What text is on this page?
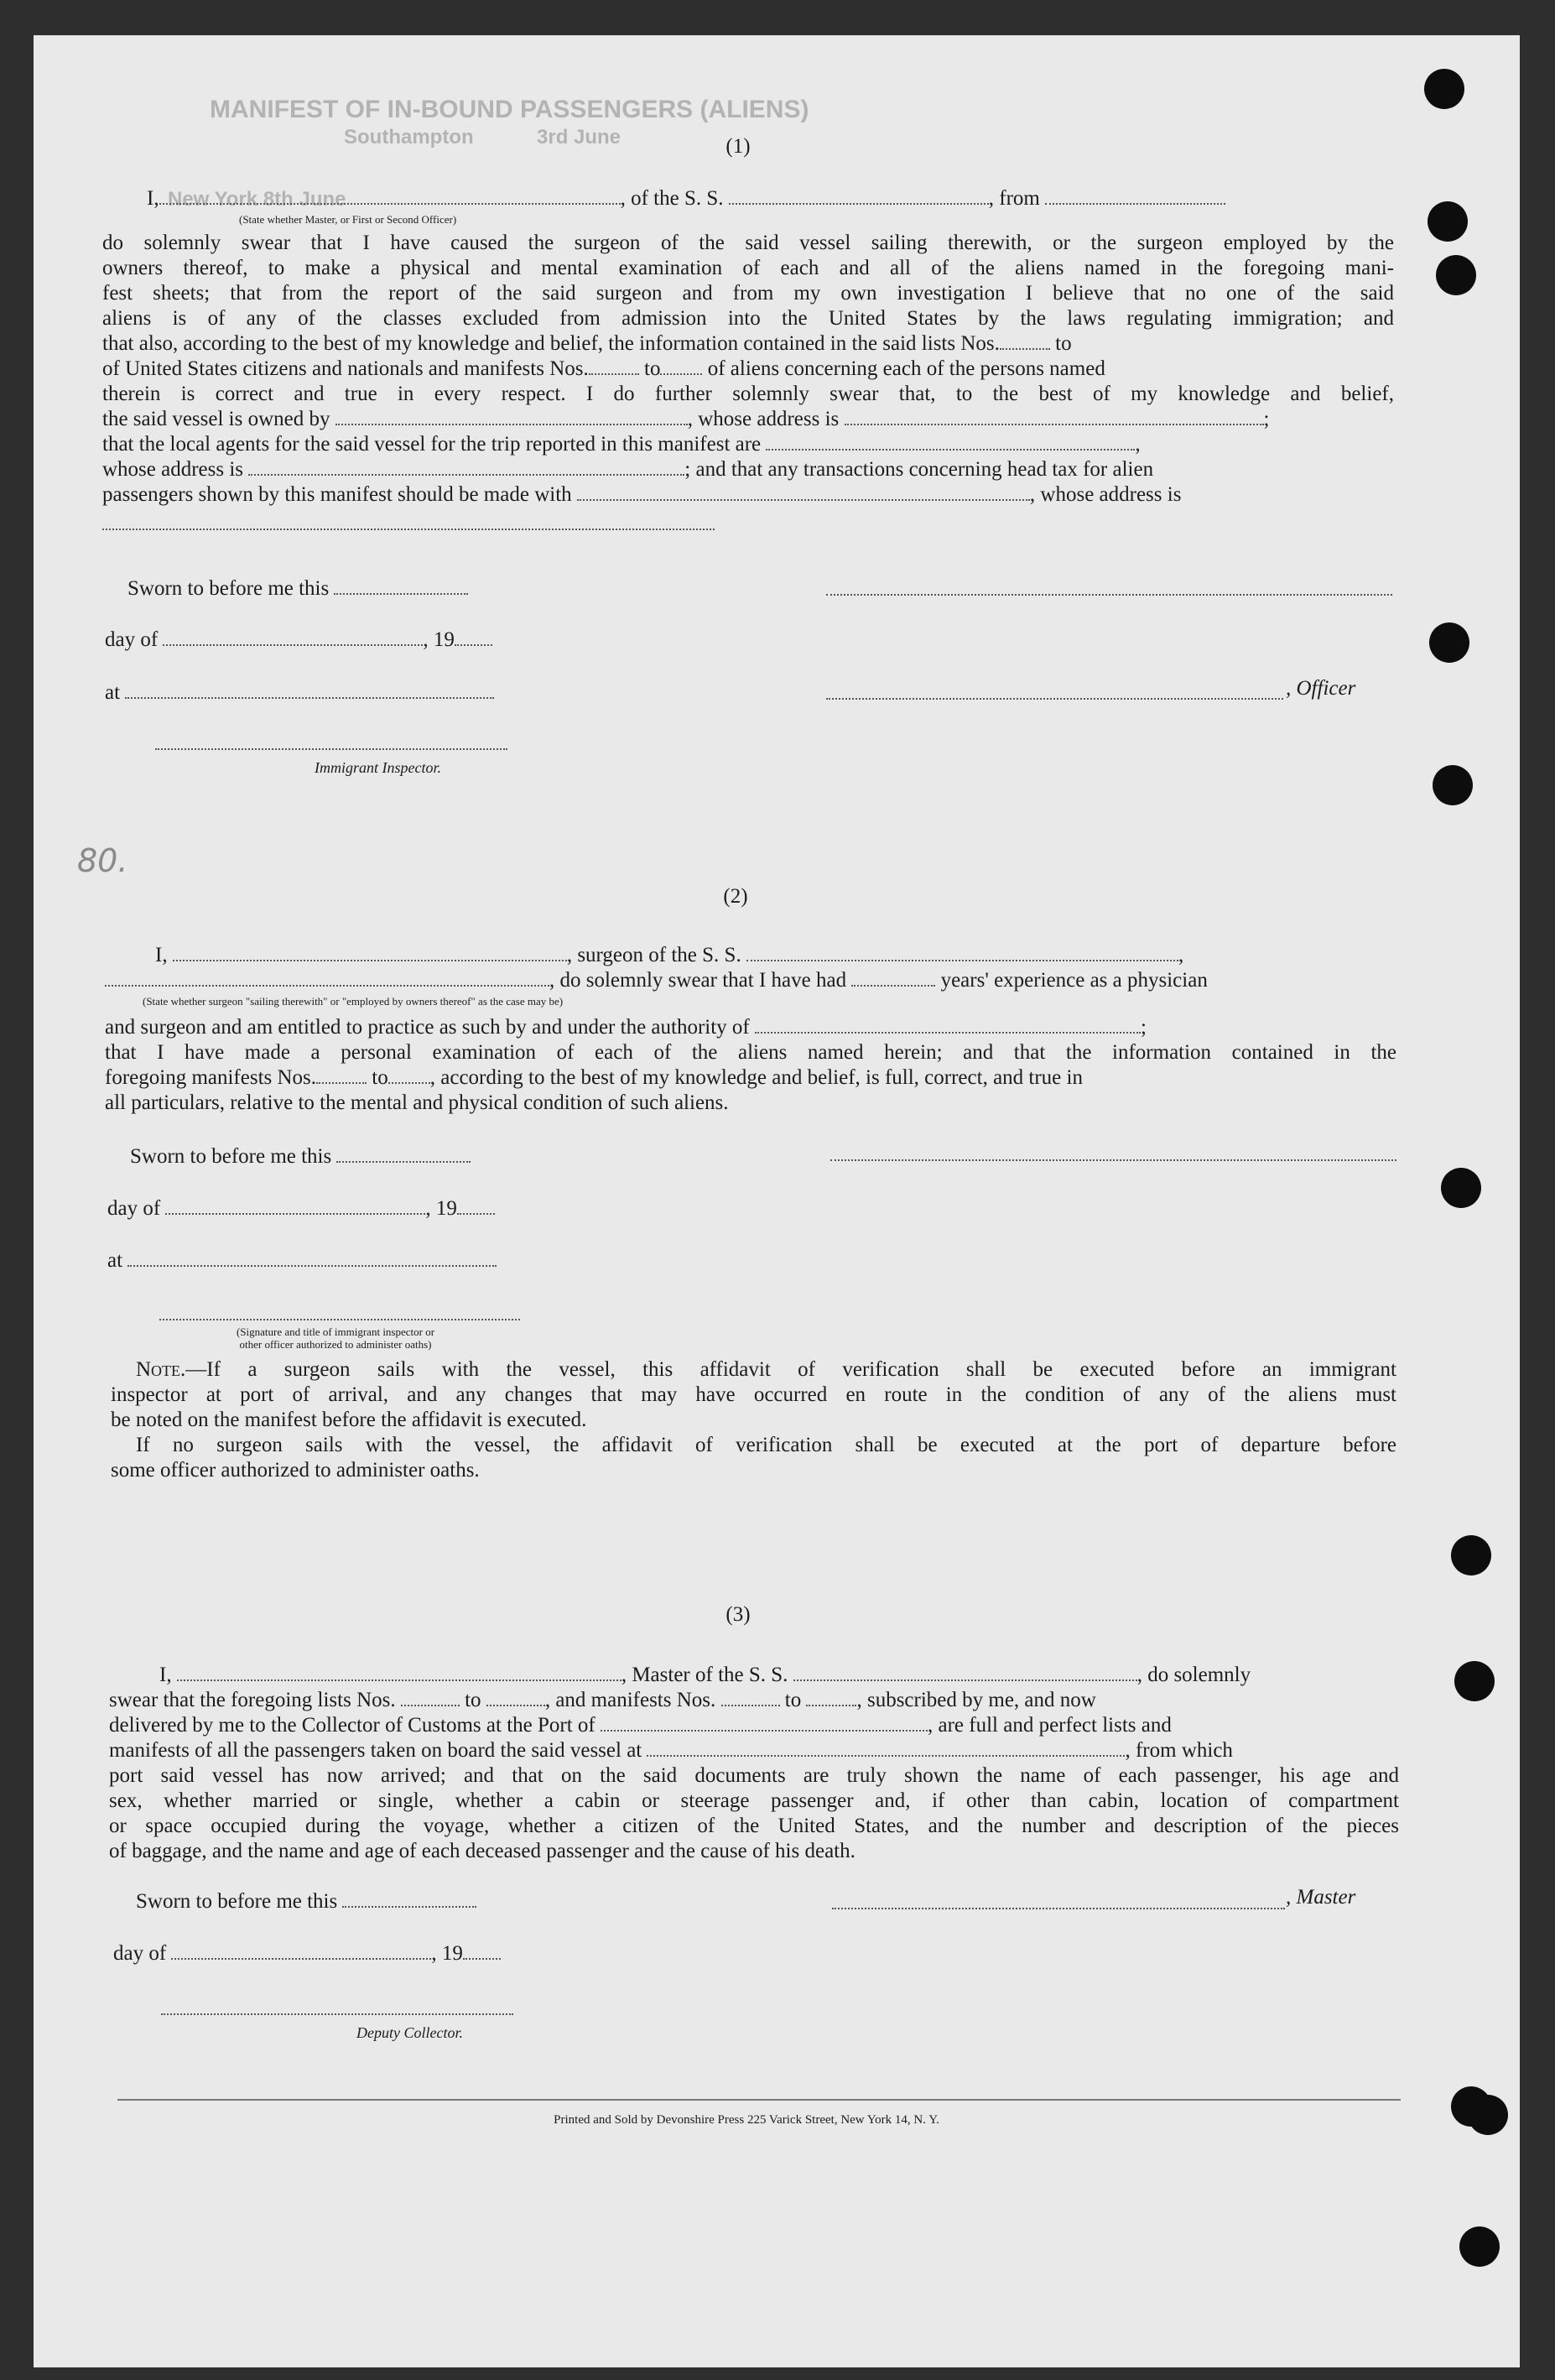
MANIFEST OF IN-BOUND PASSENGERS (ALIENS)
Southampton	3rd June
New York 8th June
(1)
I,	, of the S. S.	, from
(State whether Master, or First or Second Officer)
do solemnly swear that I have caused the surgeon of the said vessel sailing therewith, or the surgeon employed by the
owners thereof, to make a physical and mental examination of each and all of the aliens named in the foregoing mani-
fest sheets; that from the report of the said surgeon and from my own investigation I believe that no one of the said
aliens is of any of the classes excluded from admission into the United States by the laws regulating immigration; and
that also, according to the best of my knowledge and belief, the information contained in the said lists Nos.	to
of United States citizens and nationals and manifests Nos.	to of aliens concerning each of the persons named
therein is correct and true in every respect. I do further solemnly swear that, to the best of my knowledge and belief,
the said vessel is owned by	, whose address is	;
that the local agents for the said vessel for the trip reported in this manifest are	,
whose address is	; and that any transactions concerning head tax for alien
passengers shown by this manifest should be made with	, whose address is
Sworn to before me this
day of	, 19
at	, Officer
Immigrant Inspector.
80.
(2)
I,	, surgeon of the S. S.	,
, do solemnly swear that I have had	years' experience as a physician
(State whether surgeon "sailing therewith" or "employed by owners thereof" as the case may be)
and surgeon and am entitled to practice as such by and under the authority of	;
that I have made a personal examination of each of the aliens named herein; and that the information contained in the
foregoing manifests Nos.	to , according to the best of my knowledge and belief, is full, correct, and true in
all particulars, relative to the mental and physical condition of such aliens.
Sworn to before me this
day of	, 19
at
(Signature and title of immigrant inspector or
other officer authorized to administer oaths)
Note.—If a surgeon sails with the vessel, this affidavit of verification shall be executed before an immigrant
inspector at port of arrival, and any changes that may have occurred en route in the condition of any of the aliens must
be noted on the manifest before the affidavit is executed.
If no surgeon sails with the vessel, the affidavit of verification shall be executed at the port of departure before
some officer authorized to administer oaths.
(3)
I,	, Master of the S. S.	, do solemnly
swear that the foregoing lists Nos.	to	, and manifests Nos.	to	, subscribed by me, and now
delivered by me to the Collector of Customs at the Port of	, are full and perfect lists and
manifests of all the passengers taken on board the said vessel at	, from which
port said vessel has now arrived; and that on the said documents are truly shown the name of each passenger, his age and
sex, whether married or single, whether a cabin or steerage passenger and, if other than cabin, location of compartment
or space occupied during the voyage, whether a citizen of the United States, and the number and description of the pieces
of baggage, and the name and age of each deceased passenger and the cause of his death.
Sworn to before me this	, Master
day of	, 19
Deputy Collector.
Printed and Sold by Devonshire Press 225 Varick Street, New York 14, N. Y.
